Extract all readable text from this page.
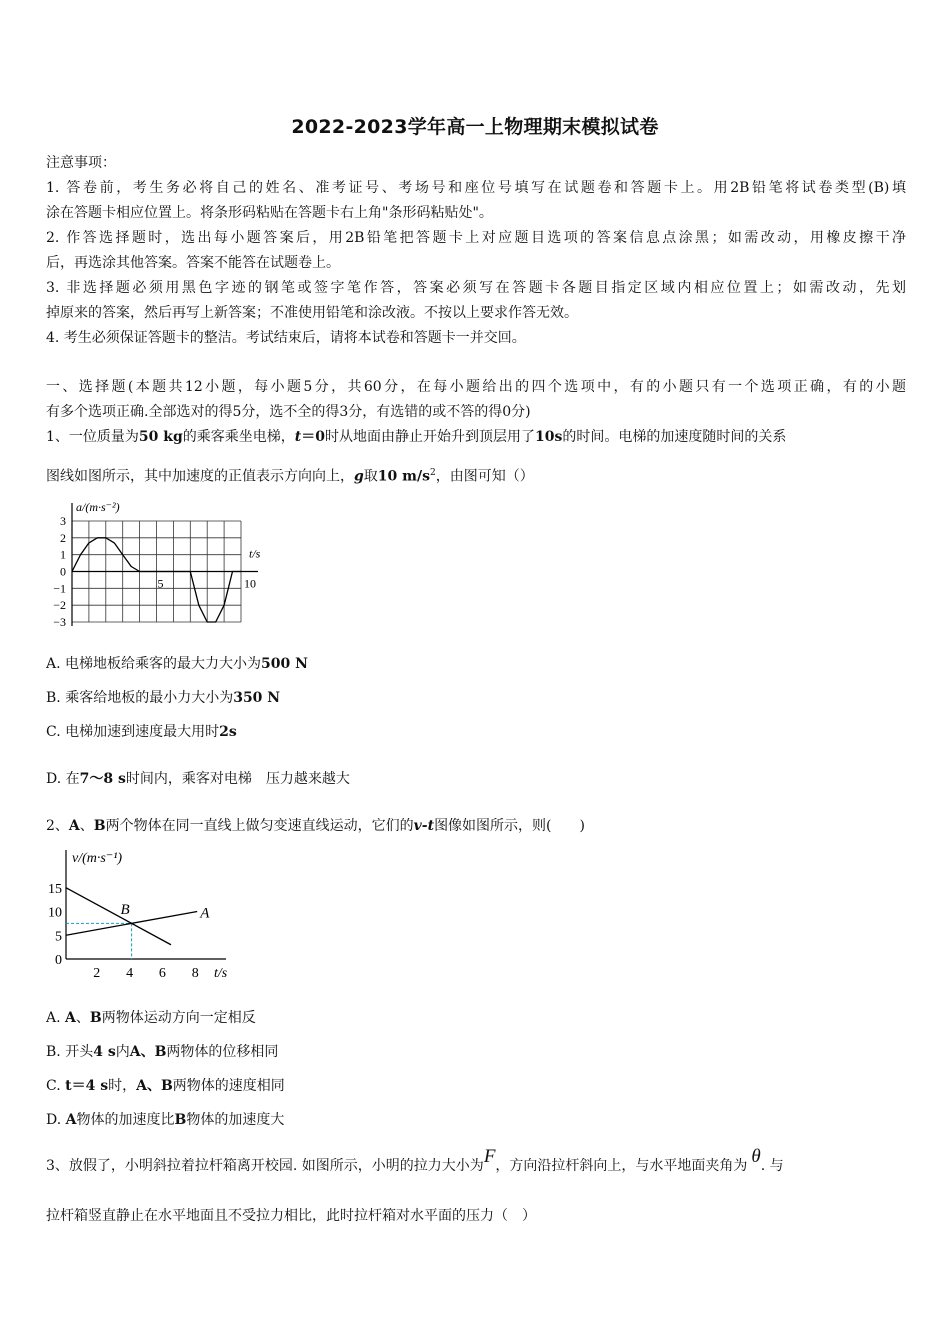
2022-2023学年高一上物理期末模拟试卷
注意事项：
1. 答卷前，考生务必将自己的姓名、准考证号、考场号和座位号填写在试题卷和答题卡上。用2B铅笔将试卷类型(B)填
涂在答题卡相应位置上。将条形码粘贴在答题卡右上角"条形码粘贴处"。
2. 作答选择题时，选出每小题答案后，用2B铅笔把答题卡上对应题目选项的答案信息点涂黑；如需改动，用橡皮擦干净
后，再选涂其他答案。答案不能答在试题卷上。
3. 非选择题必须用黑色字迹的钢笔或签字笔作答，答案必须写在答题卡各题目指定区域内相应位置上；如需改动，先划
掉原来的答案，然后再写上新答案；不准使用铅笔和涂改液。不按以上要求作答无效。
4. 考生必须保证答题卡的整洁。考试结束后，请将本试卷和答题卡一并交回。
一、选择题(本题共12小题，每小题5分，共60分，在每小题给出的四个选项中，有的小题只有一个选项正确，有的小题
有多个选项正确.全部选对的得5分，选不全的得3分，有选错的或不答的得0分)
1、一位质量为50 kg的乘客乘坐电梯，t＝0时从地面由静止开始升到顶层用了10s的时间。电梯的加速度随时间的关系
图线如图所示，其中加速度的正值表示方向向上，g取10 $m/s^2$，由图可知（）
3
2
1
0
−1
−2
−3
5	10
a/(m·s⁻²)
t/s
A. 电梯地板给乘客的最大力大小为500 N
B. 乘客给地板的最小力大小为350 N
C. 电梯加速到速度最大用时2s
D. 在7～8 s时间内，乘客对电梯　压力越来越大
2、A、B两个物体在同一直线上做匀变速直线运动，它们的v-t图像如图所示，则(　　)
15
10
5
0
2 4 6 8
v/(m·s⁻¹)
t/s
A
B
A. A、B两物体运动方向一定相反
B. 开头4 s内A、B两物体的位移相同
C. t＝4 s时，A、B两物体的速度相同
D. A物体的加速度比B物体的加速度大
3、放假了，小明斜拉着拉杆箱离开校园. 如图所示，小明的拉力大小为F，方向沿拉杆斜向上，与水平地面夹角为 θ. 与
拉杆箱竖直静止在水平地面且不受拉力相比，此时拉杆箱对水平面的压力（　）
